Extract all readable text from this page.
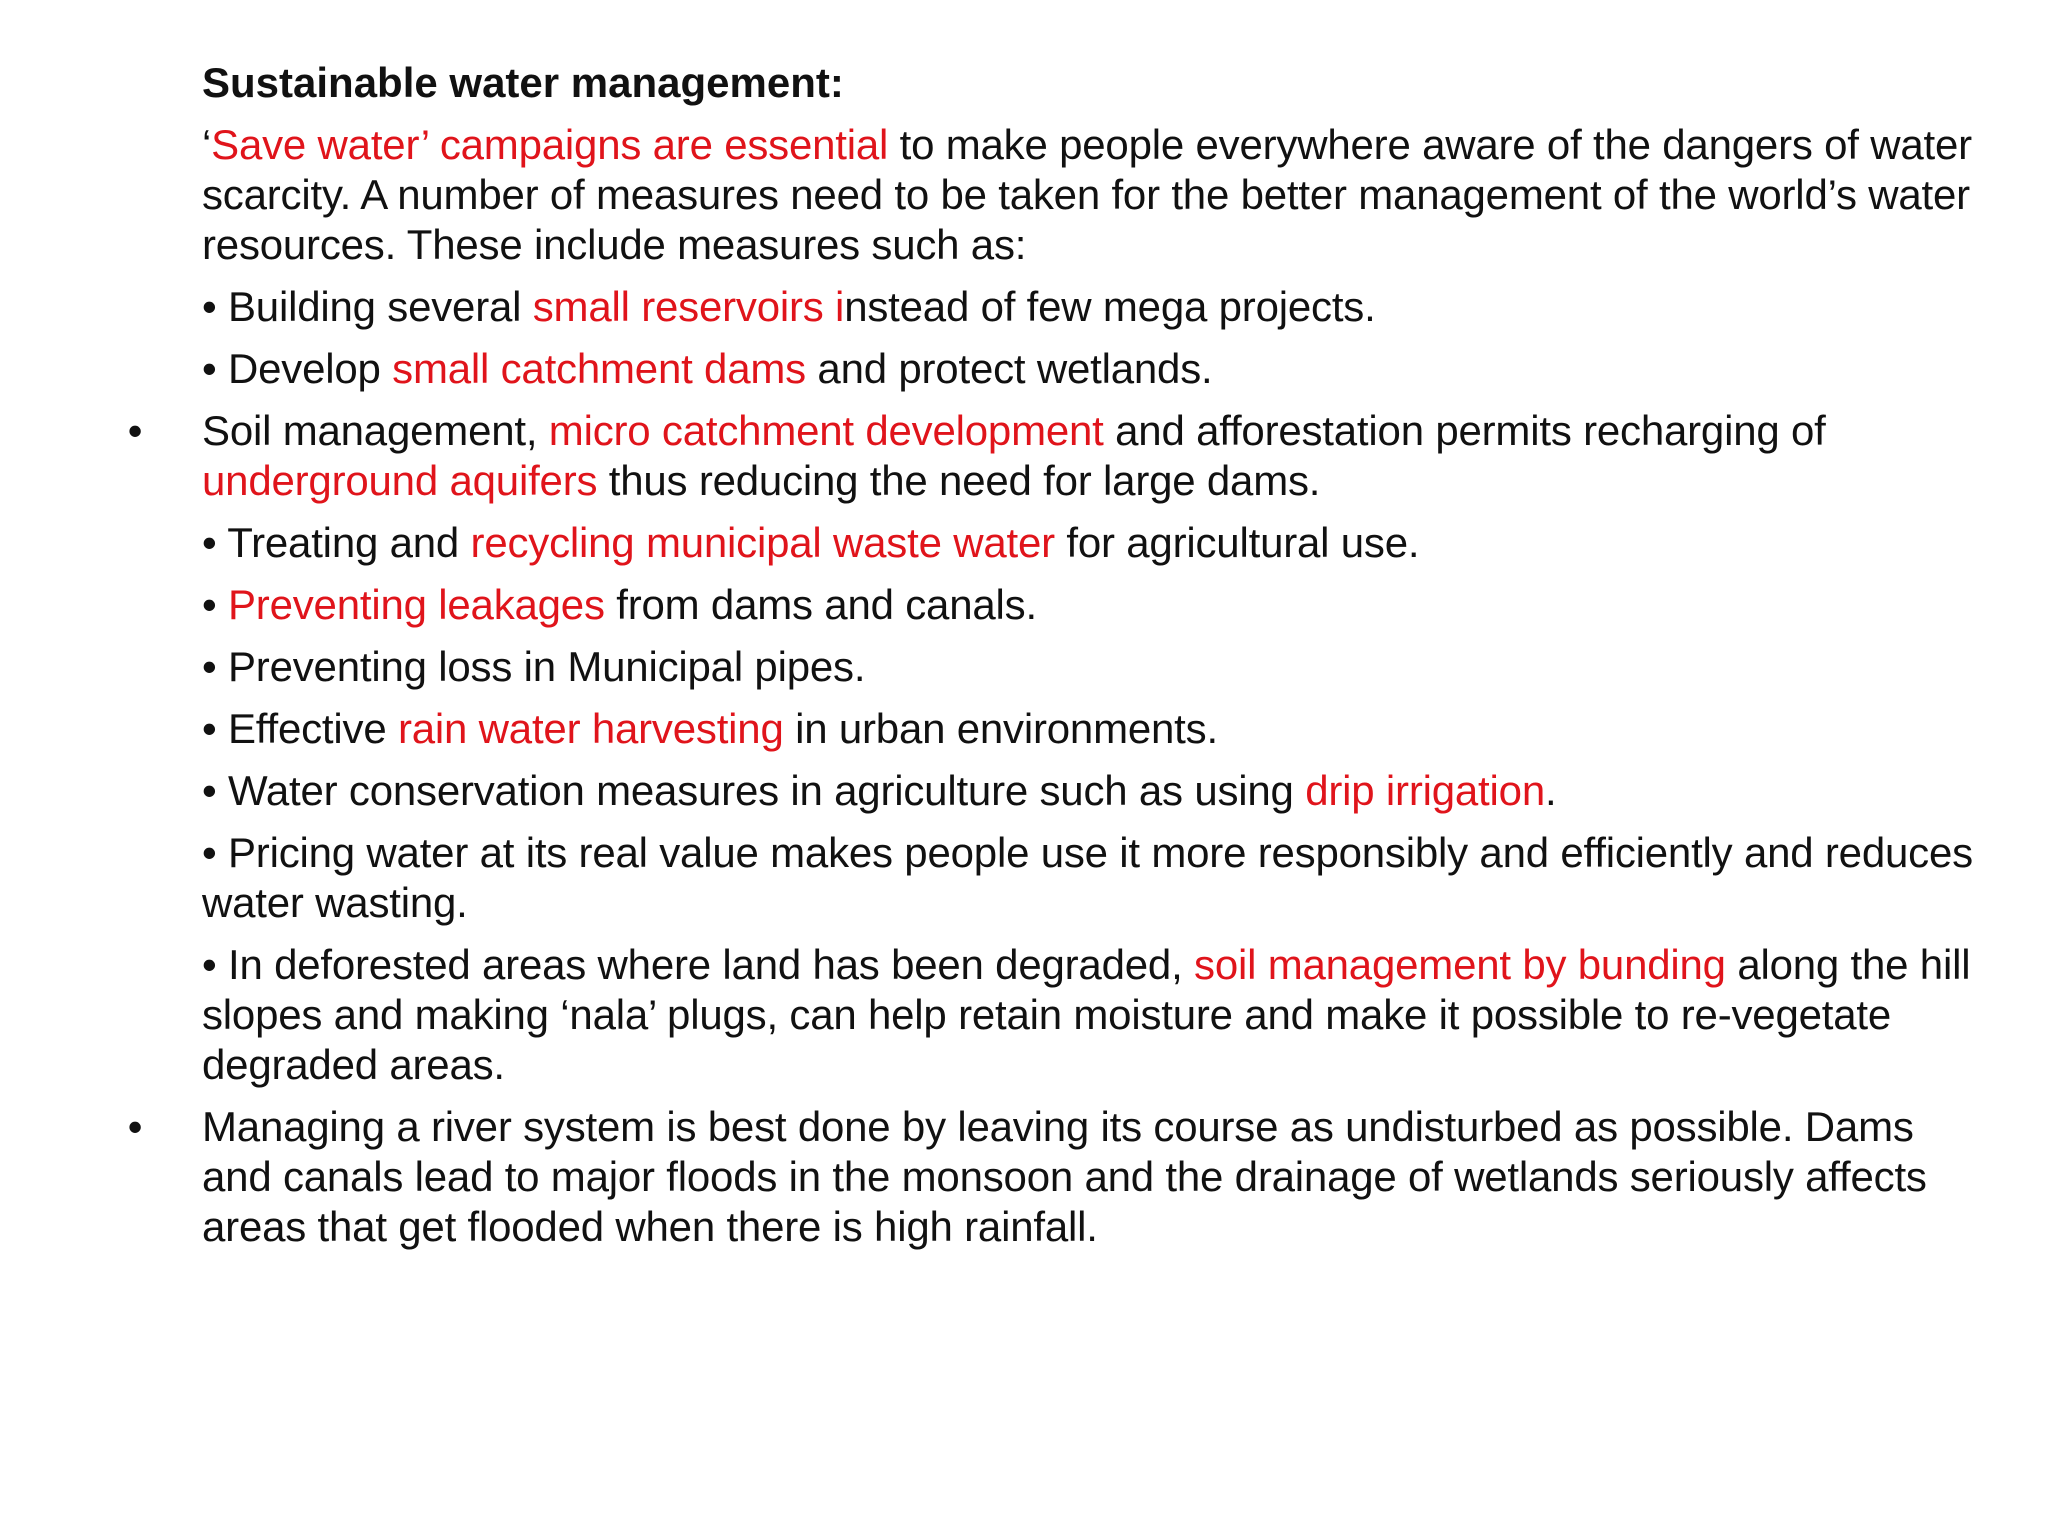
Sustainable water management:
‘Save water’ campaigns are essential to make people everywhere aware of the dangers of water scarcity. A number of measures need to be taken for the better management of the world’s water resources. These include measures such as:
• Building several small reservoirs instead of few mega projects.
• Develop small catchment dams and protect wetlands.
• Soil management, micro catchment development and afforestation permits recharging of underground aquifers thus reducing the need for large dams.
• Treating and recycling municipal waste water for agricultural use.
• Preventing leakages from dams and canals.
• Preventing loss in Municipal pipes.
• Effective rain water harvesting in urban environments.
• Water conservation measures in agriculture such as using drip irrigation.
• Pricing water at its real value makes people use it more responsibly and efficiently and reduces water wasting.
• In deforested areas where land has been degraded, soil management by bunding along the hill slopes and making ‘nala’ plugs, can help retain moisture and make it possible to re-vegetate degraded areas.
• Managing a river system is best done by leaving its course as undisturbed as possible. Dams and canals lead to major floods in the monsoon and the drainage of wetlands seriously affects areas that get flooded when there is high rainfall.
